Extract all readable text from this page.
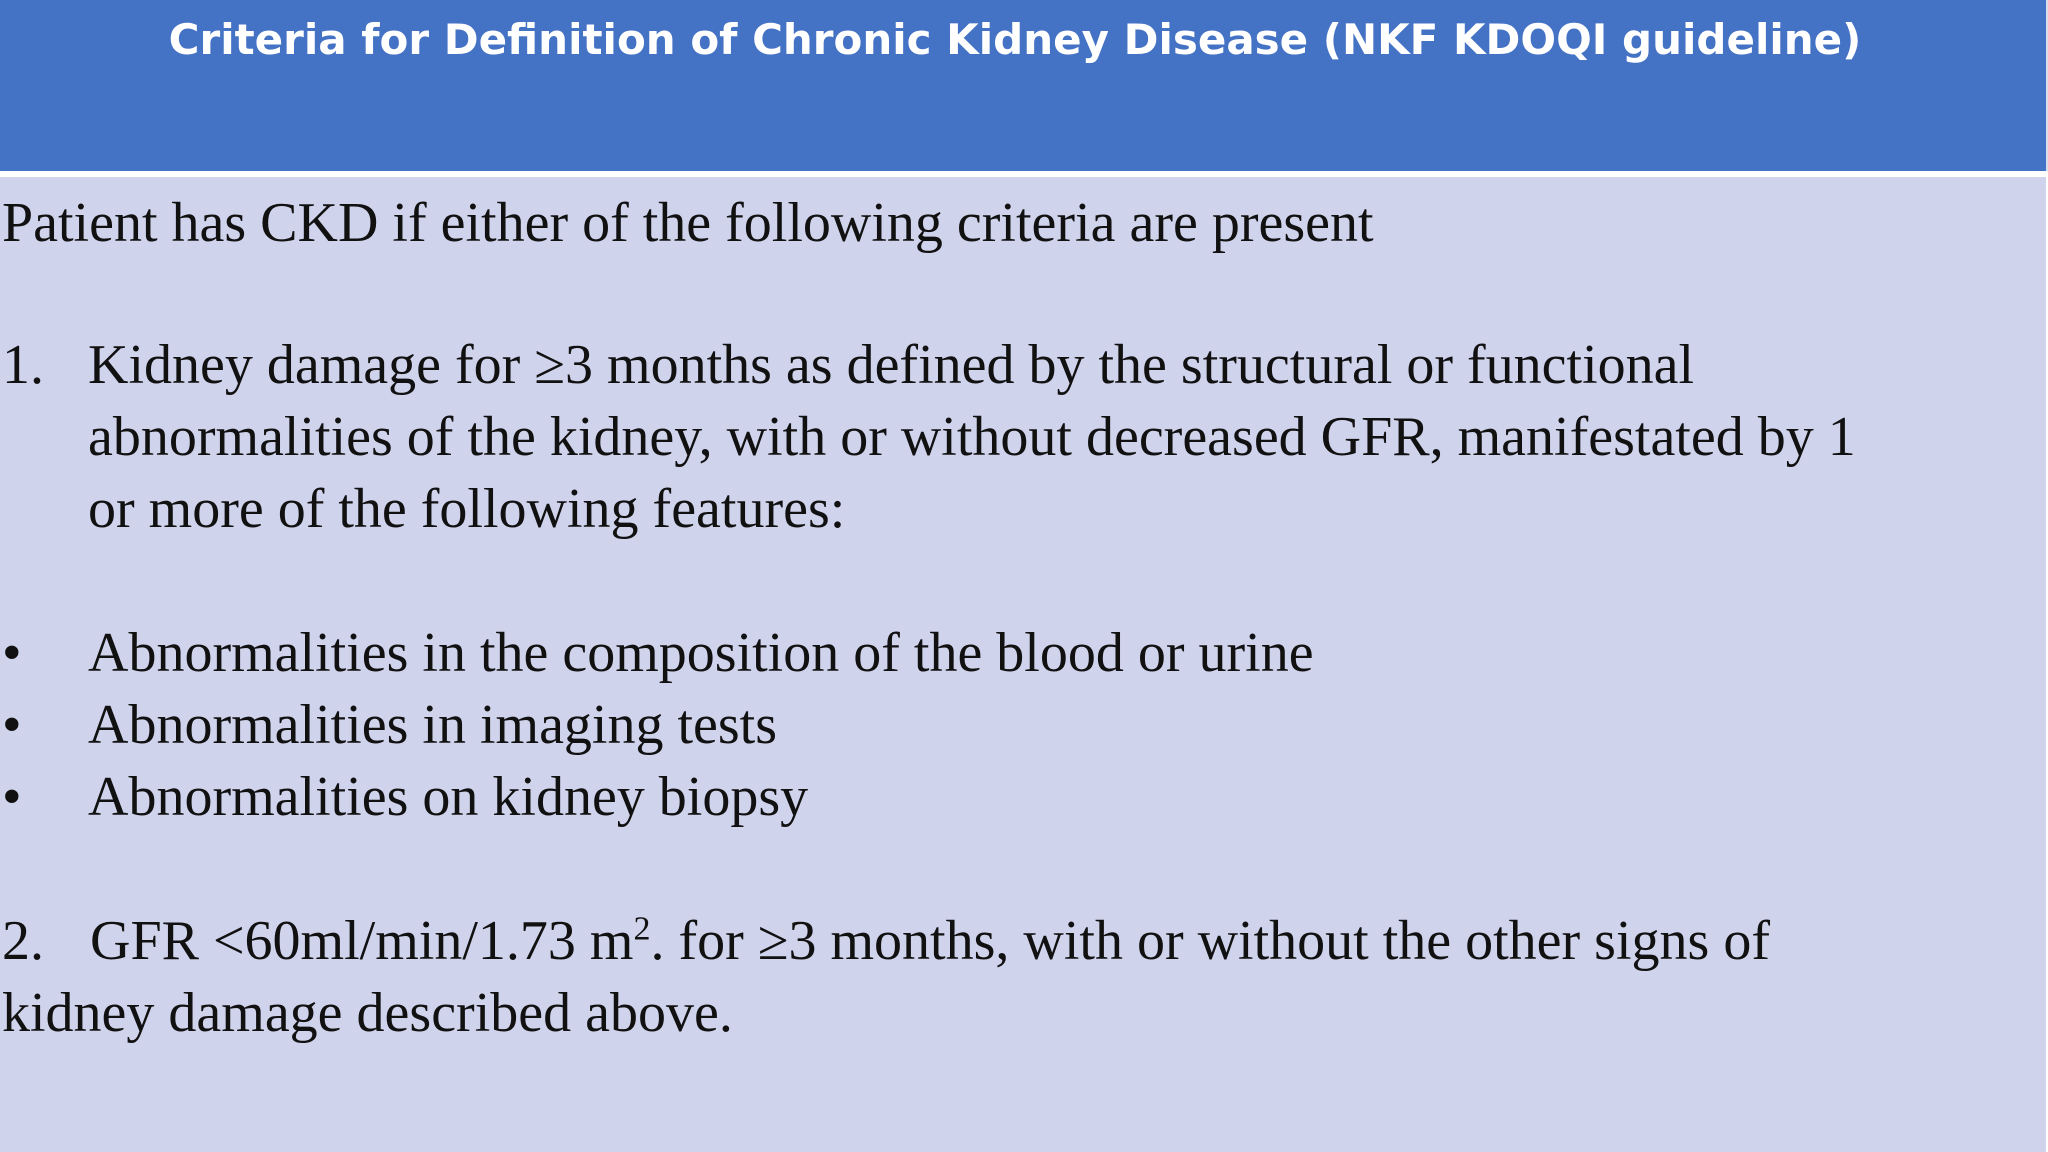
Criteria for Definition of Chronic Kidney Disease (NKF KDOQI guideline)
Patient has CKD if either of the following criteria are present
1. Kidney damage for ≥3 months as defined by the structural or functional
abnormalities of the kidney, with or without decreased GFR, manifestated by 1
or more of the following features:
• Abnormalities in the composition of the blood or urine
• Abnormalities in imaging tests
• Abnormalities on kidney biopsy
2. GFR <60ml/min/1.73 $m^2$. for ≥3 months, with or without the other signs of
kidney damage described above.
